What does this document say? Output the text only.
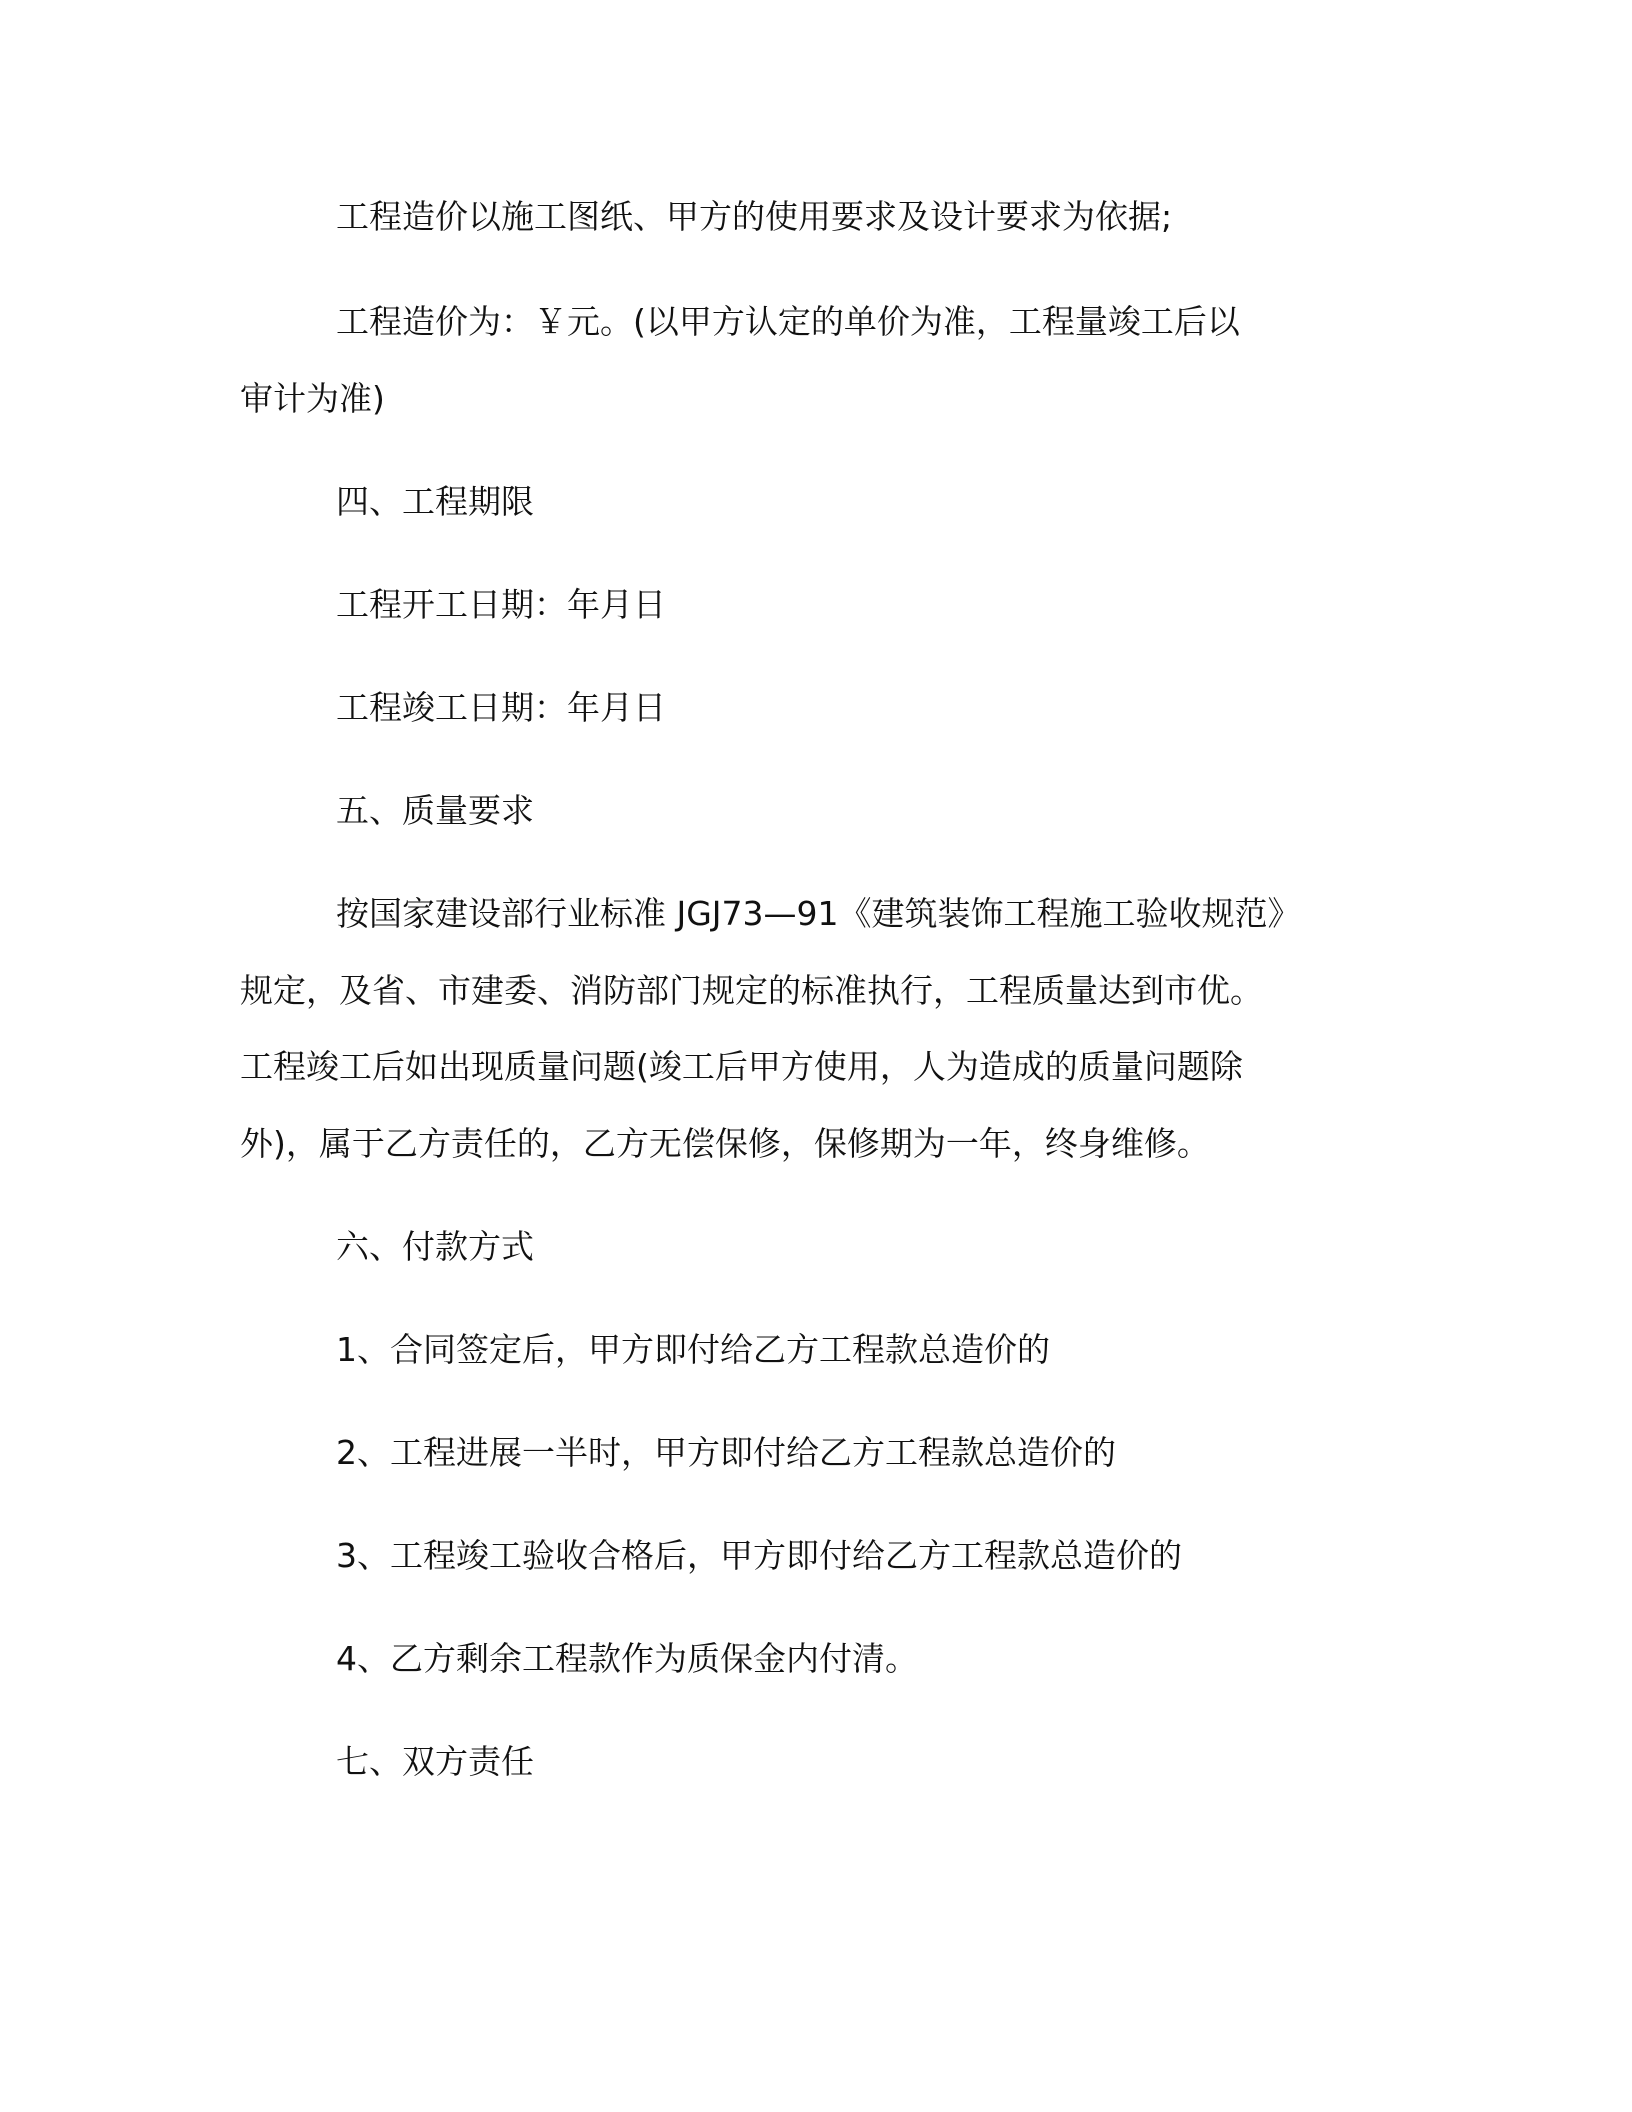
工程造价以施工图纸、甲方的使用要求及设计要求为依据;
工程造价为：￥元。(以甲方认定的单价为准，工程量竣工后以
审计为准)
四、工程期限
工程开工日期：年月日
工程竣工日期：年月日
五、质量要求
按国家建设部行业标准 JGJ73—91《建筑装饰工程施工验收规范》
规定，及省、市建委、消防部门规定的标准执行，工程质量达到市优。
工程竣工后如出现质量问题(竣工后甲方使用，人为造成的质量问题除
外)，属于乙方责任的，乙方无偿保修，保修期为一年，终身维修。
六、付款方式
1、合同签定后，甲方即付给乙方工程款总造价的
2、工程进展一半时，甲方即付给乙方工程款总造价的
3、工程竣工验收合格后，甲方即付给乙方工程款总造价的
4、乙方剩余工程款作为质保金内付清。
七、双方责任
